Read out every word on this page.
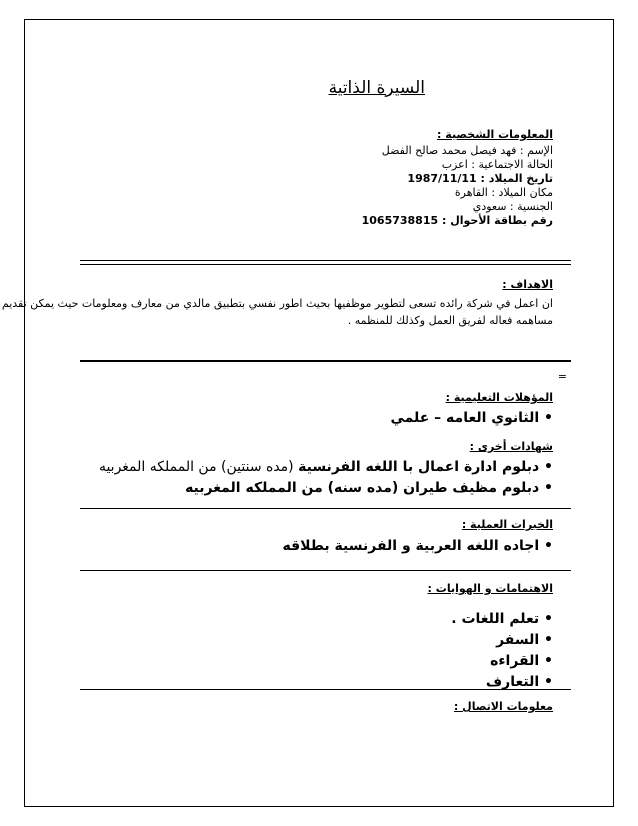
السيرة الذاتية
المعلومات الشخصية :
الإسم : فهد فيصل محمد صالح الفضل
الحالة الاجتماعية : اعزب
تاريخ الميلاد : 1987/11/11
مكان الميلاد : القاهرة
الجنسية : سعودي
رقم بطاقة الأحوال : 1065738815
الاهداف :
ان اعمل في شركة رائده تسعى لتطوير موظفيها بحيث اطور نفسي بتطبيق مالدي من معارف ومعلومات حيث يمكن تقديم
مساهمه فعاله لفريق العمل وكذلك للمنظمه .
=
المؤهلات التعليمية :
• الثانوي العامه – علمي
شهادات أخرى :
• دبلوم ادارة اعمال با اللغه الفرنسية (مده سنتين) من المملكه المغربيه
• دبلوم مظيف طيران (مده سنه) من المملكه المغربيه
الخبرات العملية :
• اجاده اللغه العربية و الفرنسية بطلاقه
الاهتمامات و الهوايات :
• تعلم اللغات .
• السفر
• القراءه
• التعارف
معلومات الاتصال :
